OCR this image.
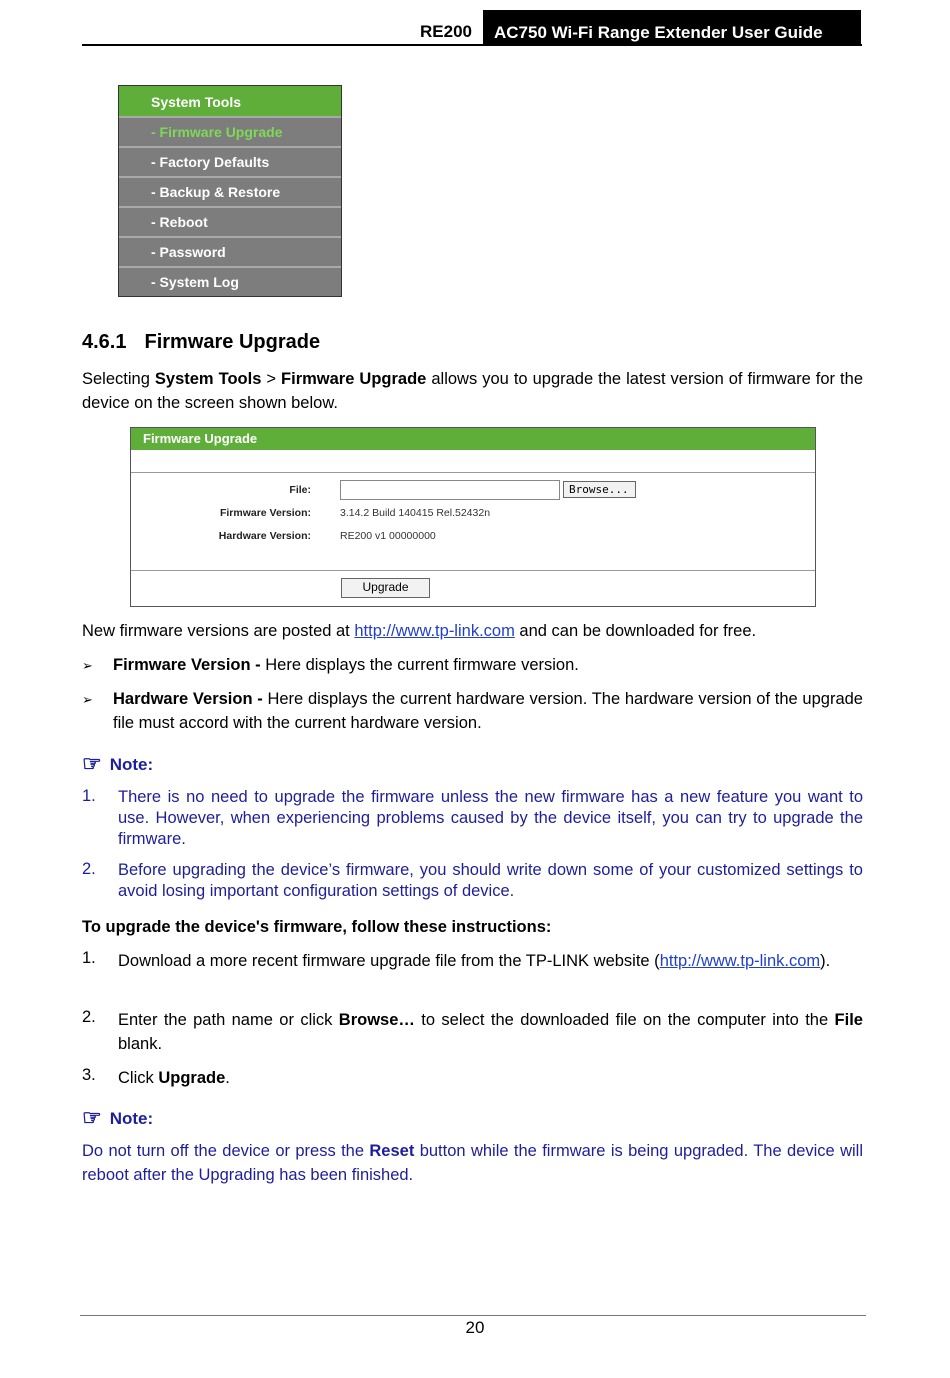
RE200	AC750 Wi-Fi Range Extender User Guide
System Tools
- Firmware Upgrade
- Factory Defaults
- Backup & Restore
- Reboot
- Password
- System Log
4.6.1 Firmware Upgrade
Selecting System Tools > Firmware Upgrade allows you to upgrade the latest version of firmware for the device on the screen shown below.
Firmware Upgrade
File:	Browse...
Firmware Version:	3.14.2 Build 140415 Rel.52432n
Hardware Version:	RE200 v1 00000000
Upgrade
New firmware versions are posted at http://www.tp-link.com and can be downloaded for free.
➢ Firmware Version - Here displays the current firmware version.
➢ Hardware Version - Here displays the current hardware version. The hardware version of the upgrade file must accord with the current hardware version.
☞ Note:
1. There is no need to upgrade the firmware unless the new firmware has a new feature you want to use. However, when experiencing problems caused by the device itself, you can try to upgrade the firmware.
2. Before upgrading the device’s firmware, you should write down some of your customized settings to avoid losing important configuration settings of device.
To upgrade the device's firmware, follow these instructions:
1. Download a more recent firmware upgrade file from the TP-LINK website (http://www.tp-link.com).
2. Enter the path name or click Browse… to select the downloaded file on the computer into the File blank.
3. Click Upgrade.
☞ Note:
Do not turn off the device or press the Reset button while the firmware is being upgraded. The device will reboot after the Upgrading has been finished.
20
